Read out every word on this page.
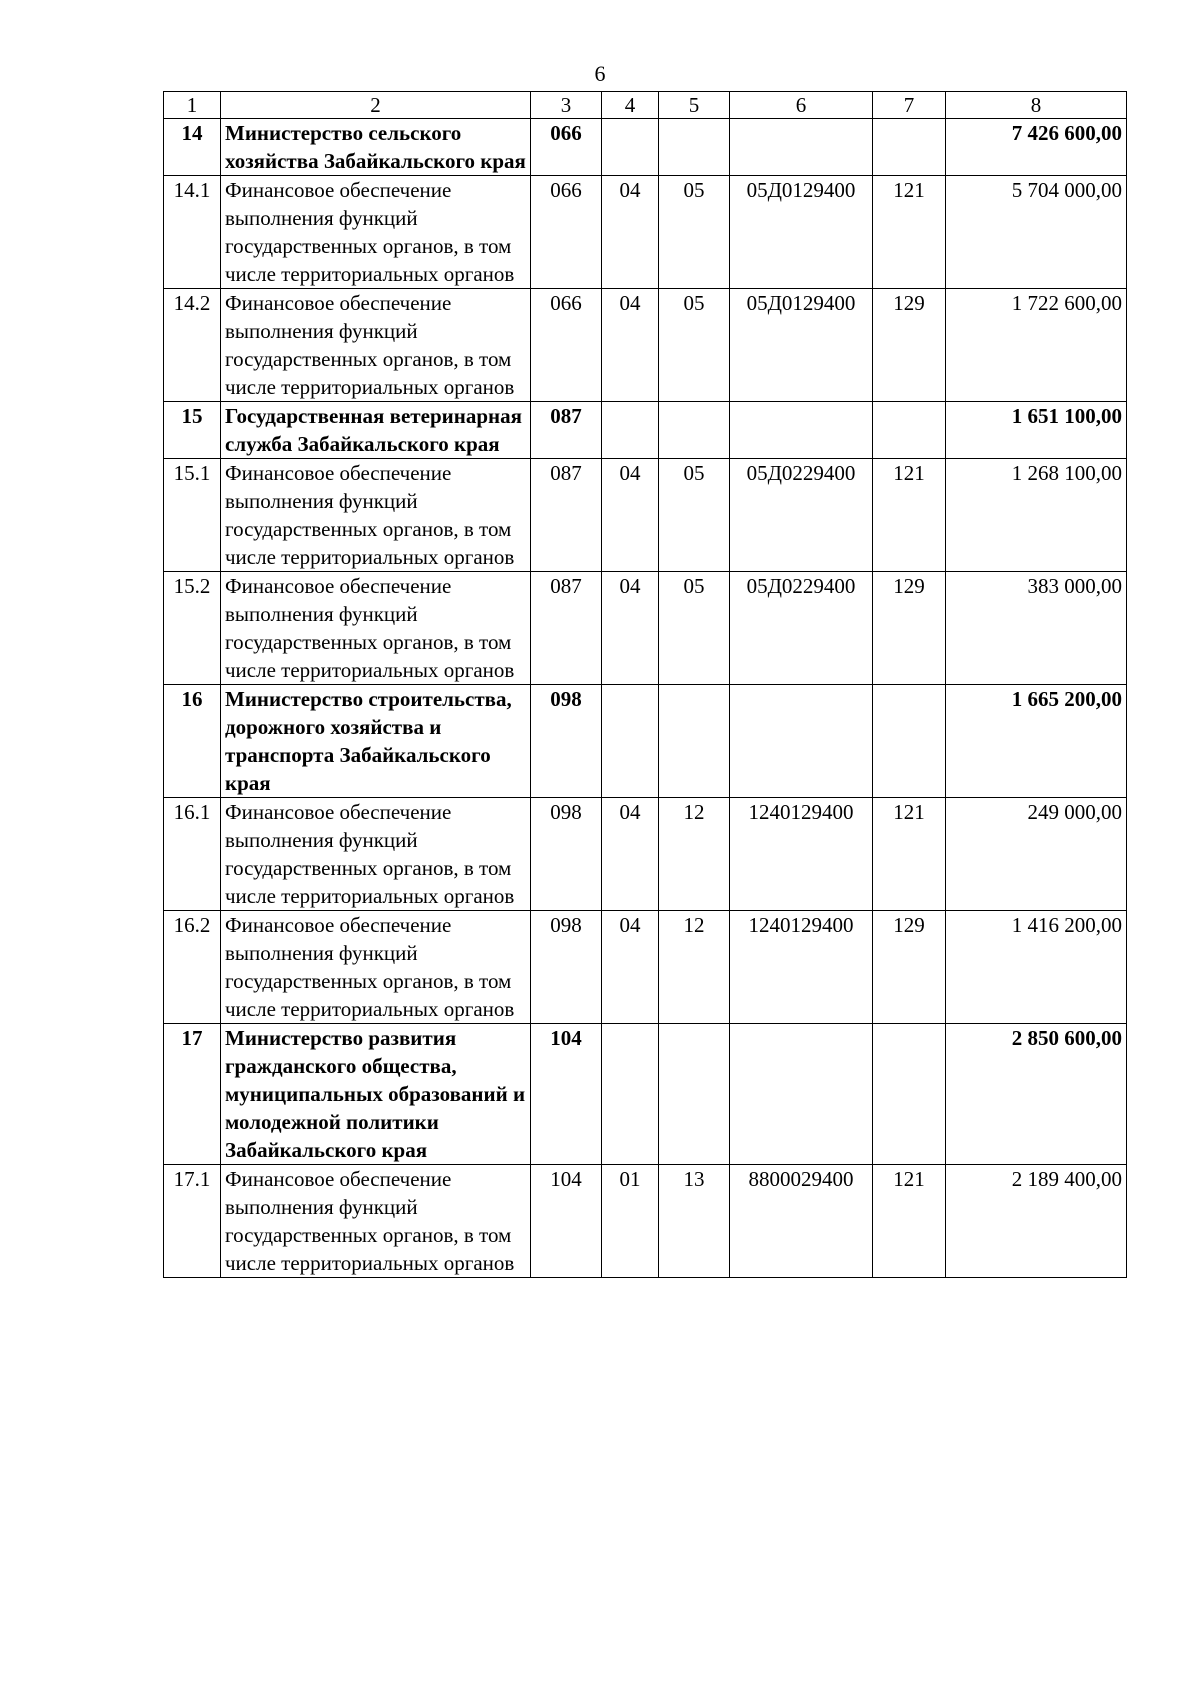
6
1	2	3	4	5	6	7	8
14	Министерство сельского хозяйства Забайкальского края	066					7 426 600,00
14.1	Финансовое обеспечение выполнения функций государственных органов, в том числе территориальных органов	066	04	05	05Д0129400	121	5 704 000,00
14.2	Финансовое обеспечение выполнения функций государственных органов, в том числе территориальных органов	066	04	05	05Д0129400	129	1 722 600,00
15	Государственная ветеринарная служба Забайкальского края	087					1 651 100,00
15.1	Финансовое обеспечение выполнения функций государственных органов, в том числе территориальных органов	087	04	05	05Д0229400	121	1 268 100,00
15.2	Финансовое обеспечение выполнения функций государственных органов, в том числе территориальных органов	087	04	05	05Д0229400	129	383 000,00
16	Министерство строительства, дорожного хозяйства и транспорта Забайкальского края	098					1 665 200,00
16.1	Финансовое обеспечение выполнения функций государственных органов, в том числе территориальных органов	098	04	12	1240129400	121	249 000,00
16.2	Финансовое обеспечение выполнения функций государственных органов, в том числе территориальных органов	098	04	12	1240129400	129	1 416 200,00
17	Министерство развития гражданского общества, муниципальных образований и молодежной политики Забайкальского края	104					2 850 600,00
17.1	Финансовое обеспечение выполнения функций государственных органов, в том числе территориальных органов	104	01	13	8800029400	121	2 189 400,00
